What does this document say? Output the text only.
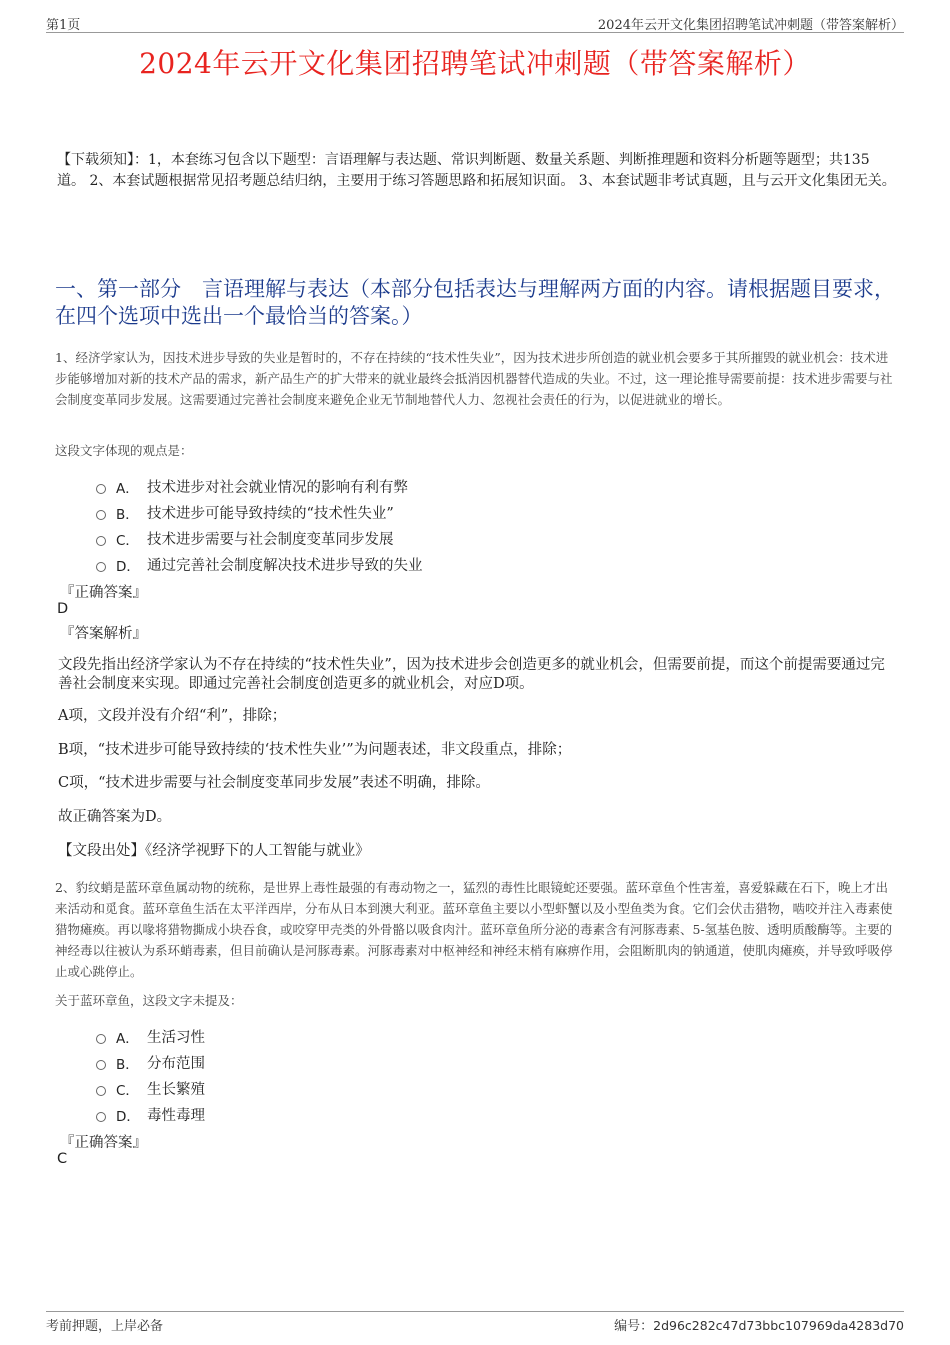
第1页	2024年云开文化集团招聘笔试冲刺题（带答案解析）
2024年云开文化集团招聘笔试冲刺题（带答案解析）
【下载须知】：1，本套练习包含以下题型：言语理解与表达题、常识判断题、数量关系题、判断推理题和资料分析题等题型；共135道。 2、本套试题根据常见招考题总结归纳，主要用于练习答题思路和拓展知识面。 3、本套试题非考试真题，且与云开文化集团无关。
一、第一部分　言语理解与表达（本部分包括表达与理解两方面的内容。请根据题目要求，在四个选项中选出一个最恰当的答案。）
1、经济学家认为，因技术进步导致的失业是暂时的，不存在持续的“技术性失业”，因为技术进步所创造的就业机会要多于其所摧毁的就业机会：技术进步能够增加对新的技术产品的需求，新产品生产的扩大带来的就业最终会抵消因机器替代造成的失业。不过，这一理论推导需要前提：技术进步需要与社会制度变革同步发展。这需要通过完善社会制度来避免企业无节制地替代人力、忽视社会责任的行为，以促进就业的增长。
这段文字体现的观点是：
A． 技术进步对社会就业情况的影响有利有弊
B． 技术进步可能导致持续的“技术性失业”
C． 技术进步需要与社会制度变革同步发展
D． 通过完善社会制度解决技术进步导致的失业
『正确答案』
D
『答案解析』
文段先指出经济学家认为不存在持续的“技术性失业”，因为技术进步会创造更多的就业机会，但需要前提，而这个前提需要通过完善社会制度来实现。即通过完善社会制度创造更多的就业机会，对应D项。
A项，文段并没有介绍“利”，排除；
B项，“技术进步可能导致持续的‘技术性失业’”为问题表述，非文段重点，排除；
C项，“技术进步需要与社会制度变革同步发展”表述不明确，排除。
故正确答案为D。
【文段出处】《经济学视野下的人工智能与就业》
2、豹纹蛸是蓝环章鱼属动物的统称，是世界上毒性最强的有毒动物之一，猛烈的毒性比眼镜蛇还要强。蓝环章鱼个性害羞，喜爱躲藏在石下，晚上才出来活动和觅食。蓝环章鱼生活在太平洋西岸，分布从日本到澳大利亚。蓝环章鱼主要以小型虾蟹以及小型鱼类为食。它们会伏击猎物，啮咬并注入毒素使猎物瘫痪。再以喙将猎物撕成小块吞食，或咬穿甲壳类的外骨骼以吸食肉汁。蓝环章鱼所分泌的毒素含有河豚毒素、5-氢基色胺、透明质酸酶等。主要的神经毒以往被认为系环蛸毒素，但目前确认是河豚毒素。河豚毒素对中枢神经和神经末梢有麻痹作用，会阻断肌肉的钠通道，使肌肉瘫痪，并导致呼吸停止或心跳停止。
关于蓝环章鱼，这段文字未提及：
A． 生活习性
B． 分布范围
C． 生长繁殖
D． 毒性毒理
『正确答案』
C
考前押题，上岸必备	编号：2d96c282c47d73bbc107969da4283d70
